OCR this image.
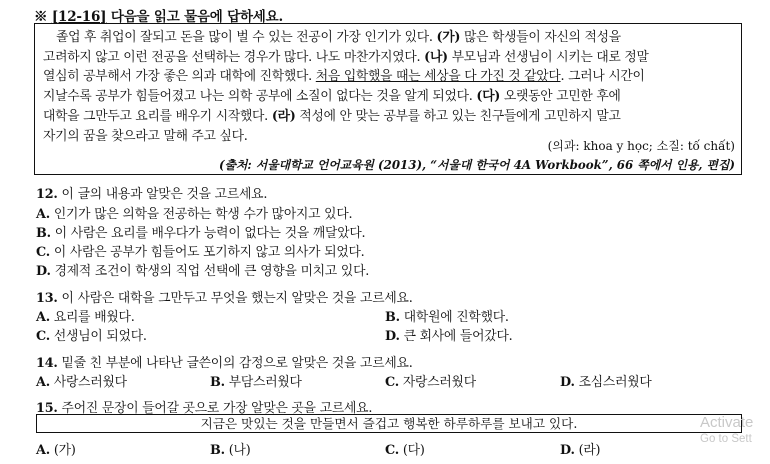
※ [12-16] 다음을 읽고 물음에 답하세요.
졸업 후 취업이 잘되고 돈을 많이 벌 수 있는 전공이 가장 인기가 있다. (가) 많은 학생들이 자신의 적성을
고려하지 않고 이런 전공을 선택하는 경우가 많다. 나도 마찬가지였다. (나) 부모님과 선생님이 시키는 대로 정말
열심히 공부해서 가장 좋은 의과 대학에 진학했다. 처음 입학했을 때는 세상을 다 가진 것 같았다. 그러나 시간이
지날수록 공부가 힘들어졌고 나는 의학 공부에 소질이 없다는 것을 알게 되었다. (다) 오랫동안 고민한 후에
대학을 그만두고 요리를 배우기 시작했다. (라) 적성에 안 맞는 공부를 하고 있는 친구들에게 고민하지 말고
자기의 꿈을 찾으라고 말해 주고 싶다.
(의과: khoa y học; 소질: tố chất)
(출처: 서울대학교 언어교육원 (2013), “서울대 한국어 4A Workbook”, 66 쪽에서 인용, 편집)
12. 이 글의 내용과 알맞은 것을 고르세요.
A. 인기가 많은 의학을 전공하는 학생 수가 많아지고 있다.
B. 이 사람은 요리를 배우다가 능력이 없다는 것을 깨달았다.
C. 이 사람은 공부가 힘들어도 포기하지 않고 의사가 되었다.
D. 경제적 조건이 학생의 직업 선택에 큰 영향을 미치고 있다.
13. 이 사람은 대학을 그만두고 무엇을 했는지 알맞은 것을 고르세요.
A. 요리를 배웠다.	B. 대학원에 진학했다.
C. 선생님이 되었다.	D. 큰 회사에 들어갔다.
14. 밑줄 친 부분에 나타난 글쓴이의 감정으로 알맞은 것을 고르세요.
A. 사랑스러웠다	B. 부담스러웠다	C. 자랑스러웠다	D. 조심스러웠다
15. 주어진 문장이 들어갈 곳으로 가장 알맞은 곳을 고르세요.
지금은 맛있는 것을 만들면서 즐겁고 행복한 하루하루를 보내고 있다.
A. (가)	B. (나)	C. (다)	D. (라)
Activate
Go to Sett
